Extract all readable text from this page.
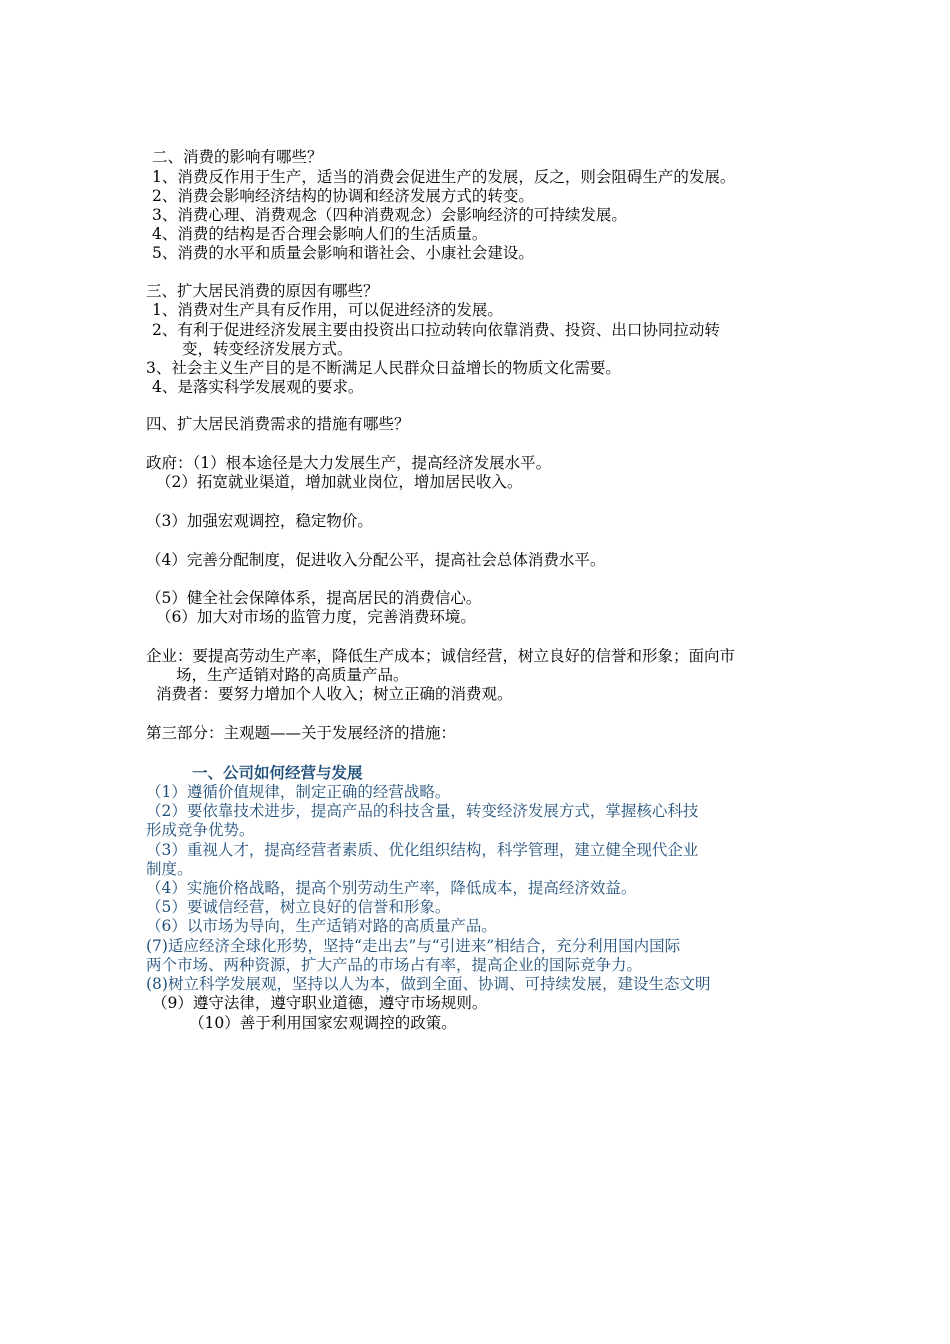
二、消费的影响有哪些？
1、消费反作用于生产，适当的消费会促进生产的发展，反之，则会阻碍生产的发展。
2、消费会影响经济结构的协调和经济发展方式的转变。
3、消费心理、消费观念（四种消费观念）会影响经济的可持续发展。
4、消费的结构是否合理会影响人们的生活质量。
5、消费的水平和质量会影响和谐社会、小康社会建设。
三、扩大居民消费的原因有哪些？
1、消费对生产具有反作用，可以促进经济的发展。
2、有利于促进经济发展主要由投资出口拉动转向依靠消费、投资、出口协同拉动转
变，转变经济发展方式。
3、社会主义生产目的是不断满足人民群众日益增长的物质文化需要。
4、是落实科学发展观的要求。
四、扩大居民消费需求的措施有哪些？
政府：（1）根本途径是大力发展生产，提高经济发展水平。
（2）拓宽就业渠道，增加就业岗位，增加居民收入。
（3）加强宏观调控，稳定物价。
（4）完善分配制度，促进收入分配公平，提高社会总体消费水平。
（5）健全社会保障体系，提高居民的消费信心。
（6）加大对市场的监管力度，完善消费环境。
企业：要提高劳动生产率，降低生产成本；诚信经营，树立良好的信誉和形象；面向市
场，生产适销对路的高质量产品。
消费者：要努力增加个人收入；树立正确的消费观。
第三部分：主观题——关于发展经济的措施：
一、公司如何经营与发展
（1）遵循价值规律，制定正确的经营战略。
（2）要依靠技术进步，提高产品的科技含量，转变经济发展方式，掌握核心科技
形成竞争优势。
（3）重视人才，提高经营者素质、优化组织结构，科学管理，建立健全现代企业
制度。
（4）实施价格战略，提高个别劳动生产率，降低成本，提高经济效益。
（5）要诚信经营，树立良好的信誉和形象。
（6）以市场为导向，生产适销对路的高质量产品。
(7)适应经济全球化形势，坚持“走出去”与“引进来”相结合，充分利用国内国际
两个市场、两种资源，扩大产品的市场占有率，提高企业的国际竞争力。
(8)树立科学发展观，坚持以人为本，做到全面、协调、可持续发展，建设生态文明
（9）遵守法律，遵守职业道德，遵守市场规则。
（10）善于利用国家宏观调控的政策。
